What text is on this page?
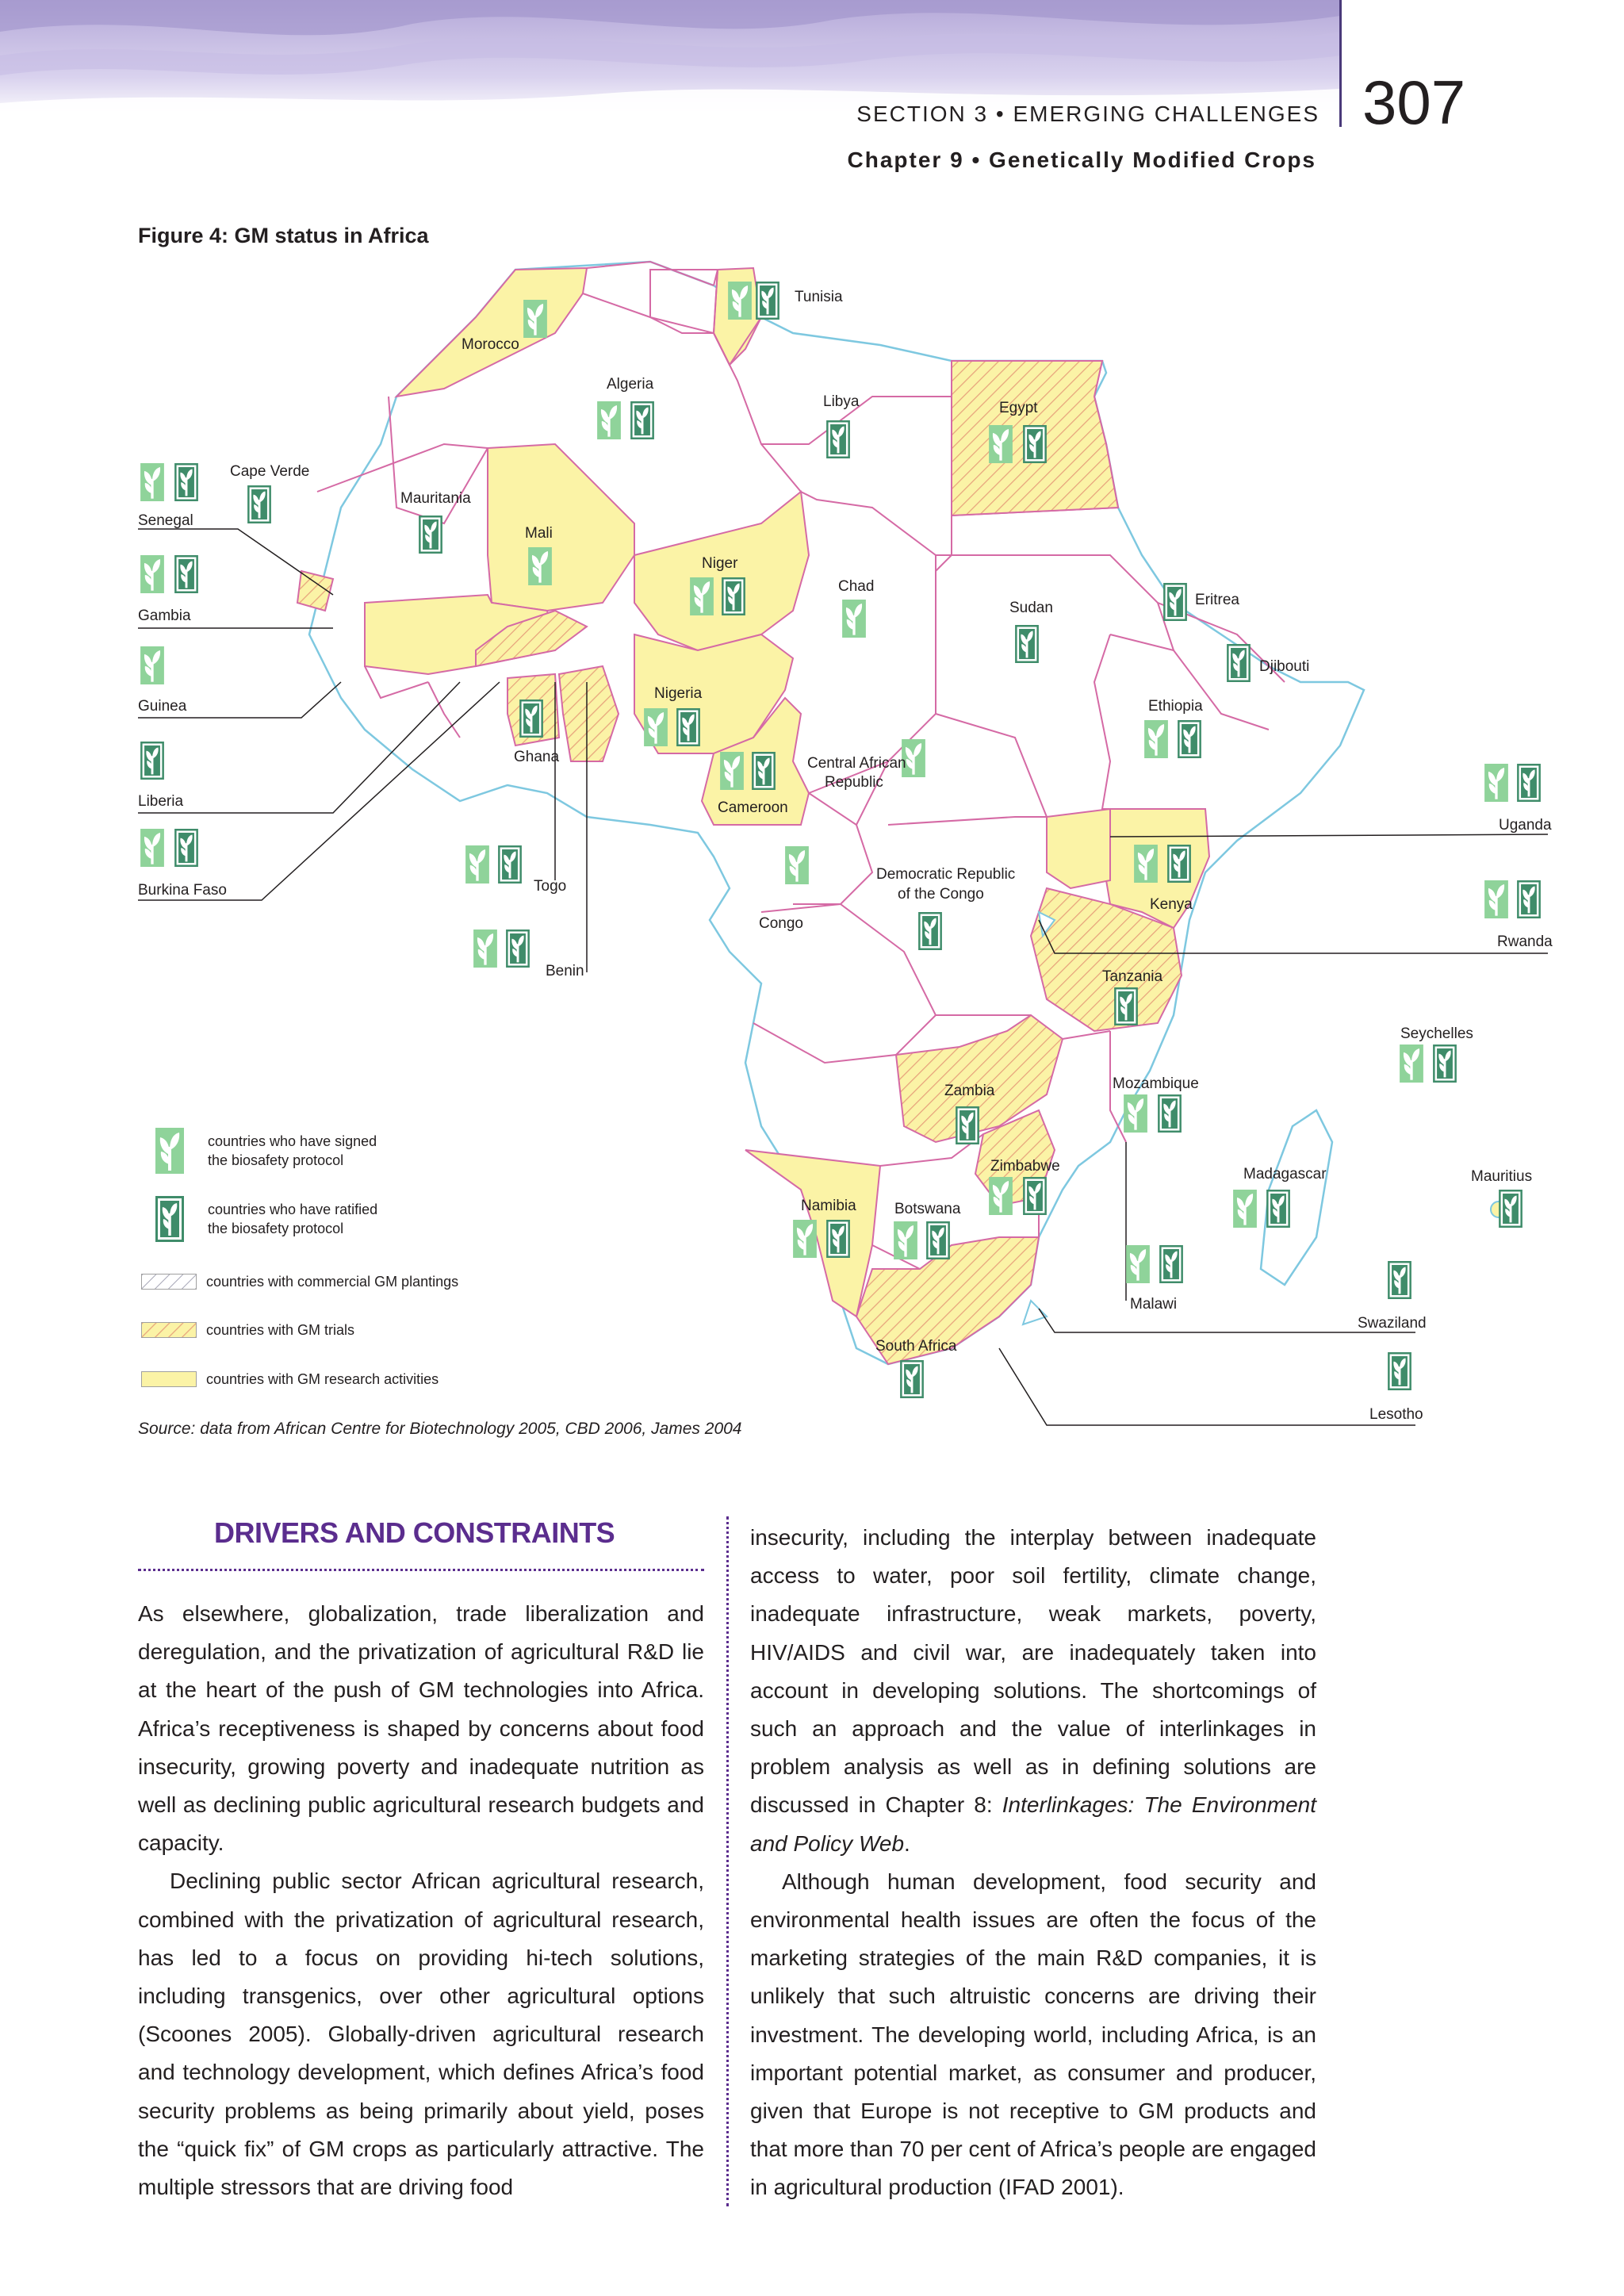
SECTION 3 • EMERGING CHALLENGES 307
Chapter 9 • Genetically Modified Crops
Figure 4: GM status in Africa
Morocco
Tunisia
Algeria
Libya	Egypt
Cape Verde
Senegal
Mauritania
Mali
Niger
Chad
Sudan	Eritrea
Djibouti
Gambia
Guinea
Nigeria
Ethiopia
Ghana
Liberia
Central African
Republic
Cameroon
Uganda
Burkina Faso	Togo
Democratic Republic
of the Congo
Kenya
Congo
Rwanda
Benin	Tanzania
Seychelles
Mozambique
Zambia
Zimbabwe	Madagascar	Mauritius
Namibia	Botswana
Malawi
Swaziland
South Africa
Lesotho
countries who have signed
the biosafety protocol
countries who have ratified
the biosafety protocol
countries with commercial GM plantings
countries with GM trials
countries with GM research activities
Source: data from African Centre for Biotechnology 2005, CBD 2006, James 2004
DRIVERS AND CONSTRAINTS

As elsewhere, globalization, trade liberalization and deregulation, and the privatization of agricultural R&D lie at the heart of the push of GM technologies into Africa. Africa’s receptiveness is shaped by concerns about food insecurity, growing poverty and inadequate nutrition as well as declining public agricultural research budgets and capacity.

Declining public sector African agricultural research, combined with the privatization of agricultural research, has led to a focus on providing hi-tech solutions, including transgenics, over other agricultural options (Scoones 2005). Globally-driven agricultural research and technology development, which defines Africa’s food security problems as being primarily about yield, poses the “quick fix” of GM crops as particularly attractive. The multiple stressors that are driving food

insecurity, including the interplay between inadequate access to water, poor soil fertility, climate change, inadequate infrastructure, weak markets, poverty, HIV/AIDS and civil war, are inadequately taken into account in developing solutions. The shortcomings of such an approach and the value of interlinkages in problem analysis as well as in defining solutions are discussed in Chapter 8: Interlinkages: The Environment and Policy Web.

Although human development, food security and environmental health issues are often the focus of the marketing strategies of the main R&D companies, it is unlikely that such altruistic concerns are driving their investment. The developing world, including Africa, is an important potential market, as consumer and producer, given that Europe is not receptive to GM products and that more than 70 per cent of Africa’s people are engaged in agricultural production (IFAD 2001).
